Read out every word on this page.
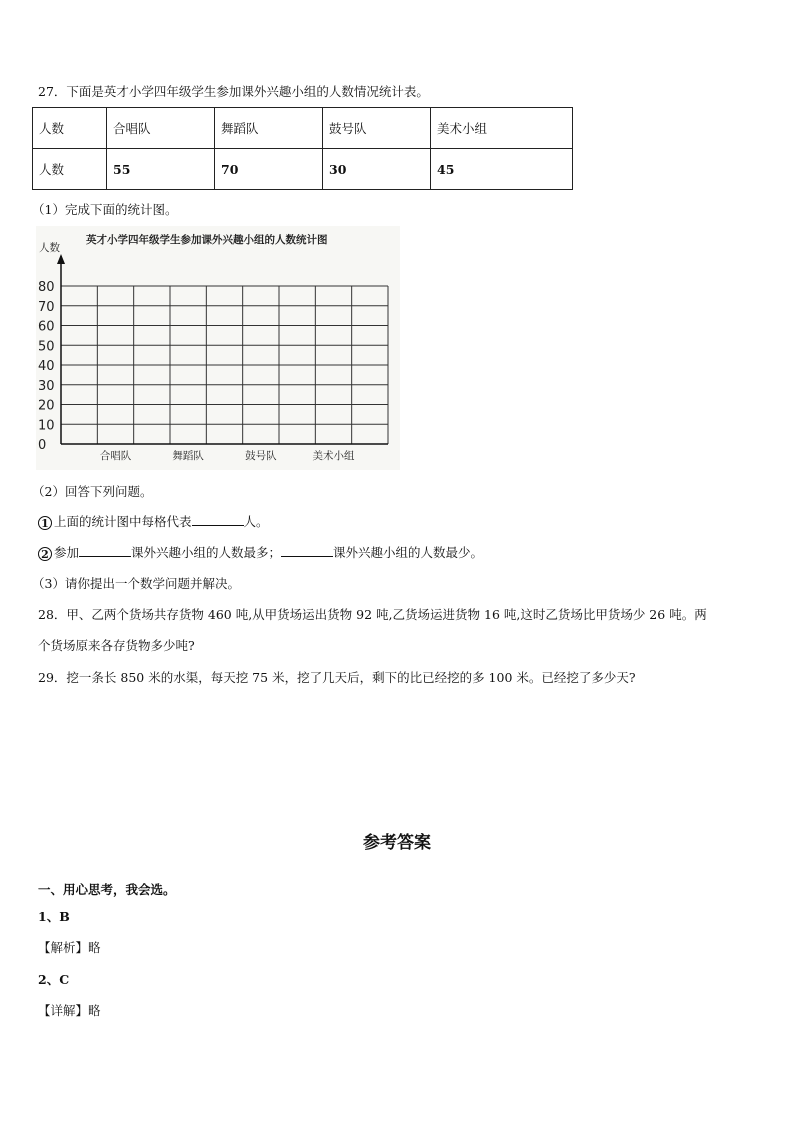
27．下面是英才小学四年级学生参加课外兴趣小组的人数情况统计表。
人数	合唱队	舞蹈队	鼓号队	美术小组
人数	55	70	30	45
（1）完成下面的统计图。
英才小学四年级学生参加课外兴趣小组的人数统计图
人数
0
10
20
30
40
50
60
70
80
合唱队	舞蹈队	鼓号队	美术小组
（2）回答下列问题。
1 上面的统计图中每格代表	人。
2 参加	课外兴趣小组的人数最多；	课外兴趣小组的人数最少。
（3）请你提出一个数学问题并解决。
28．甲、乙两个货场共存货物 460 吨,从甲货场运出货物 92 吨,乙货场运进货物 16 吨,这时乙货场比甲货场少 26 吨。两
个货场原来各存货物多少吨?
29．挖一条长 850 米的水渠，每天挖 75 米，挖了几天后，剩下的比已经挖的多 100 米。已经挖了多少天?
参考答案
一、用心思考，我会选。
1、B
【解析】略
2、C
【详解】略
